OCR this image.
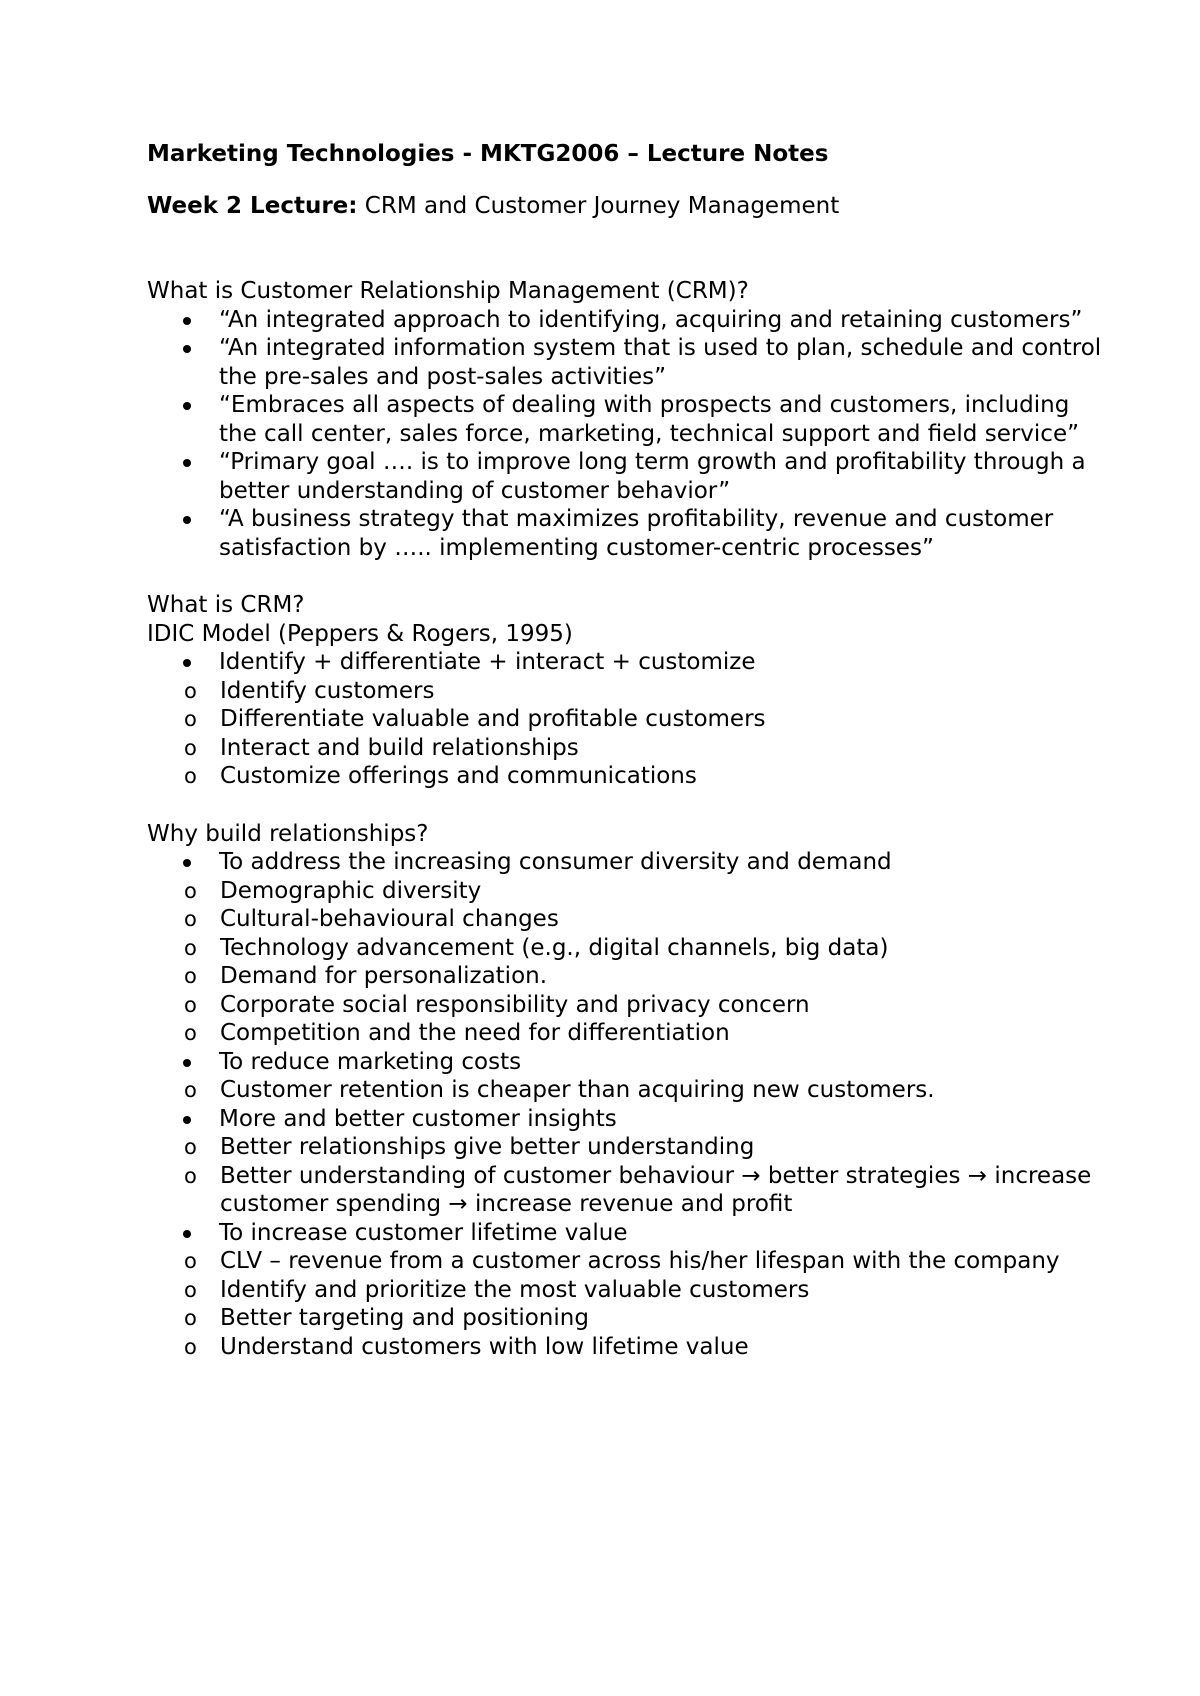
Marketing Technologies - MKTG2006 – Lecture Notes
Week 2 Lecture: CRM and Customer Journey Management
What is Customer Relationship Management (CRM)?
“An integrated approach to identifying, acquiring and retaining customers”
“An integrated information system that is used to plan, schedule and control the pre-sales and post-sales activities”
“Embraces all aspects of dealing with prospects and customers, including the call center, sales force, marketing, technical support and field service”
“Primary goal …. is to improve long term growth and profitability through a better understanding of customer behavior”
“A business strategy that maximizes profitability, revenue and customer satisfaction by ….. implementing customer-centric processes”
What is CRM?
IDIC Model (Peppers & Rogers, 1995)
Identify + differentiate + interact + customize
o Identify customers
o Differentiate valuable and profitable customers
o Interact and build relationships
o Customize offerings and communications
Why build relationships?
To address the increasing consumer diversity and demand
o Demographic diversity
o Cultural-behavioural changes
o Technology advancement (e.g., digital channels, big data)
o Demand for personalization.
o Corporate social responsibility and privacy concern
o Competition and the need for differentiation
To reduce marketing costs
o Customer retention is cheaper than acquiring new customers.
More and better customer insights
o Better relationships give better understanding
o Better understanding of customer behaviour → better strategies → increase customer spending → increase revenue and profit
To increase customer lifetime value
o CLV – revenue from a customer across his/her lifespan with the company
o Identify and prioritize the most valuable customers
o Better targeting and positioning
o Understand customers with low lifetime value
